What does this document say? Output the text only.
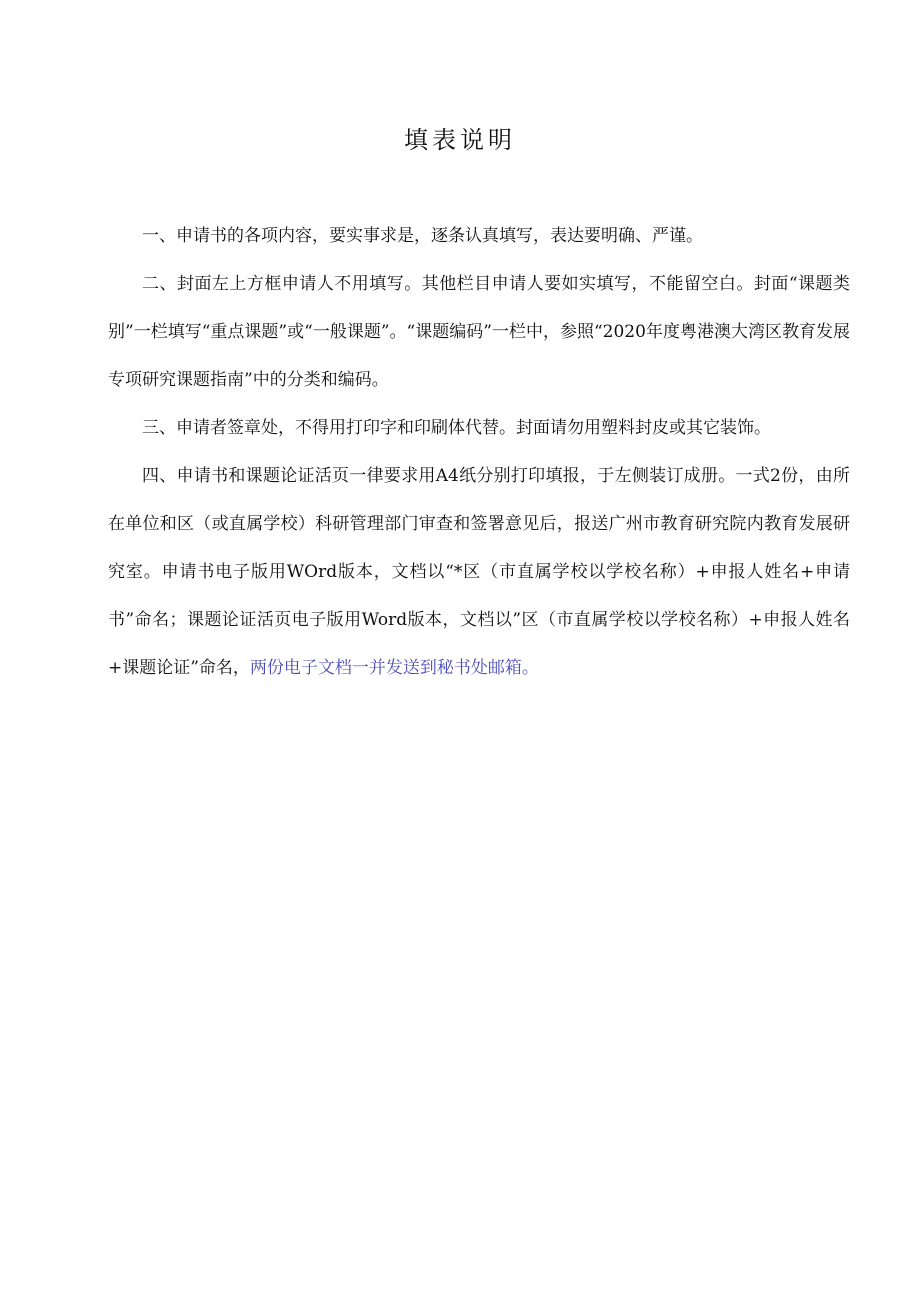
填表说明

一、申请书的各项内容，要实事求是，逐条认真填写，表达要明确、严谨。

二、封面左上方框申请人不用填写。其他栏目申请人要如实填写，不能留空白。封面“课题类别”一栏填写“重点课题”或“一般课题”。“课题编码”一栏中，参照“2020年度粤港澳大湾区教育发展专项研究课题指南”中的分类和编码。

三、申请者签章处，不得用打印字和印刷体代替。封面请勿用塑料封皮或其它装饰。

四、申请书和课题论证活页一律要求用A4纸分别打印填报，于左侧装订成册。一式2份，由所在单位和区（或直属学校）科研管理部门审查和签署意见后，报送广州市教育研究院内教育发展研究室。申请书电子版用WOrd版本，文档以“*区（市直属学校以学校名称）+申报人姓名+申请书”命名；课题论证活页电子版用Word版本，文档以”区（市直属学校以学校名称）+申报人姓名+课题论证”命名，两份电子文档一并发送到秘书处邮箱。
